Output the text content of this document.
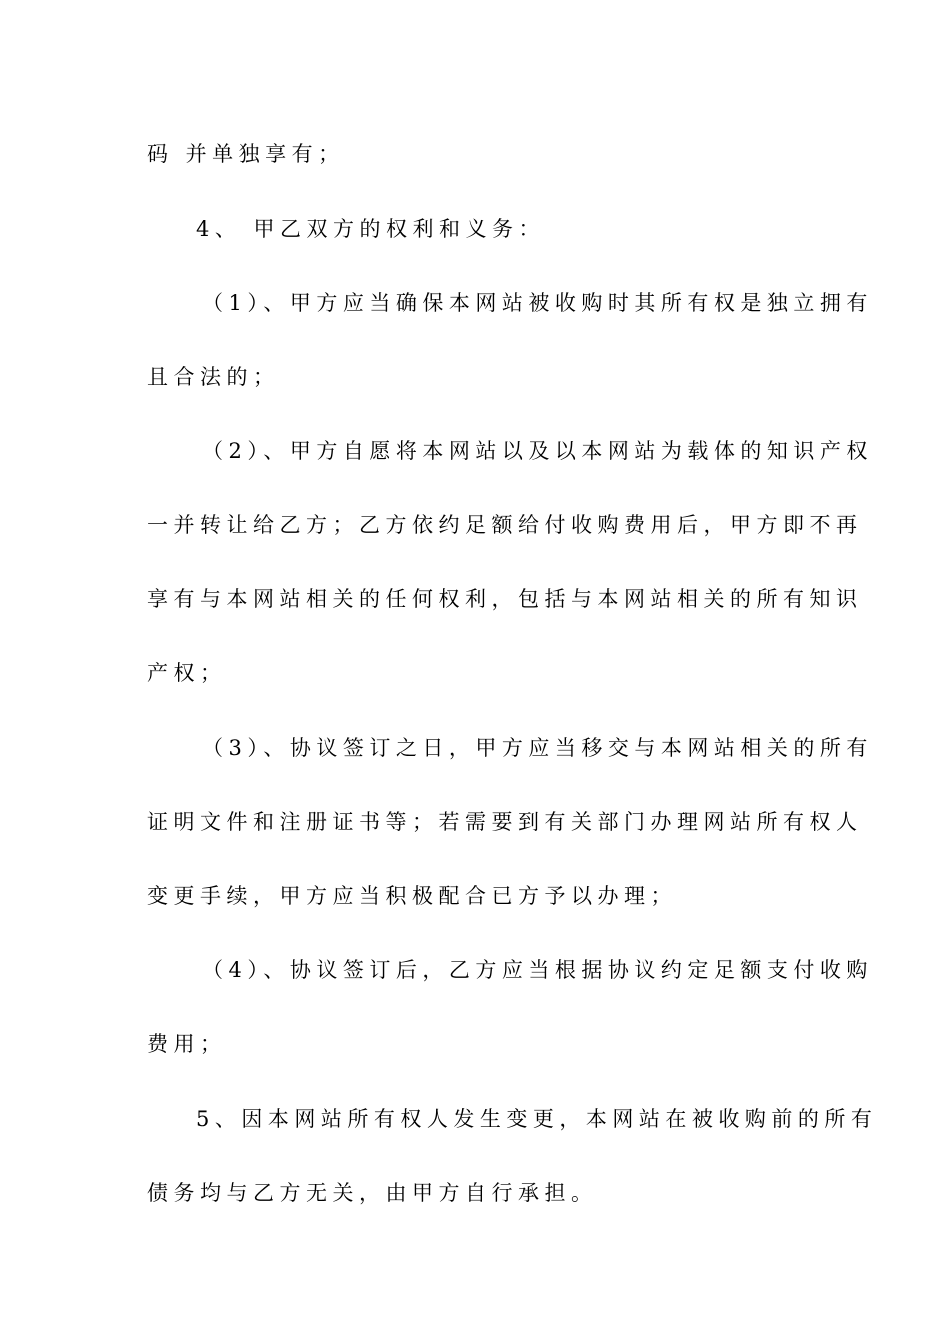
码 并单独享有；
4、 甲乙双方的权利和义务：
（1）、甲方应当确保本网站被收购时其所有权是独立拥有
且合法的；
（2）、甲方自愿将本网站以及以本网站为载体的知识产权
一并转让给乙方；乙方依约足额给付收购费用后，甲方即不再
享有与本网站相关的任何权利，包括与本网站相关的所有知识
产权；
（3）、协议签订之日，甲方应当移交与本网站相关的所有
证明文件和注册证书等；若需要到有关部门办理网站所有权人
变更手续，甲方应当积极配合已方予以办理；
（4）、协议签订后，乙方应当根据协议约定足额支付收购
费用；
5、因本网站所有权人发生变更，本网站在被收购前的所有
债务均与乙方无关，由甲方自行承担。
